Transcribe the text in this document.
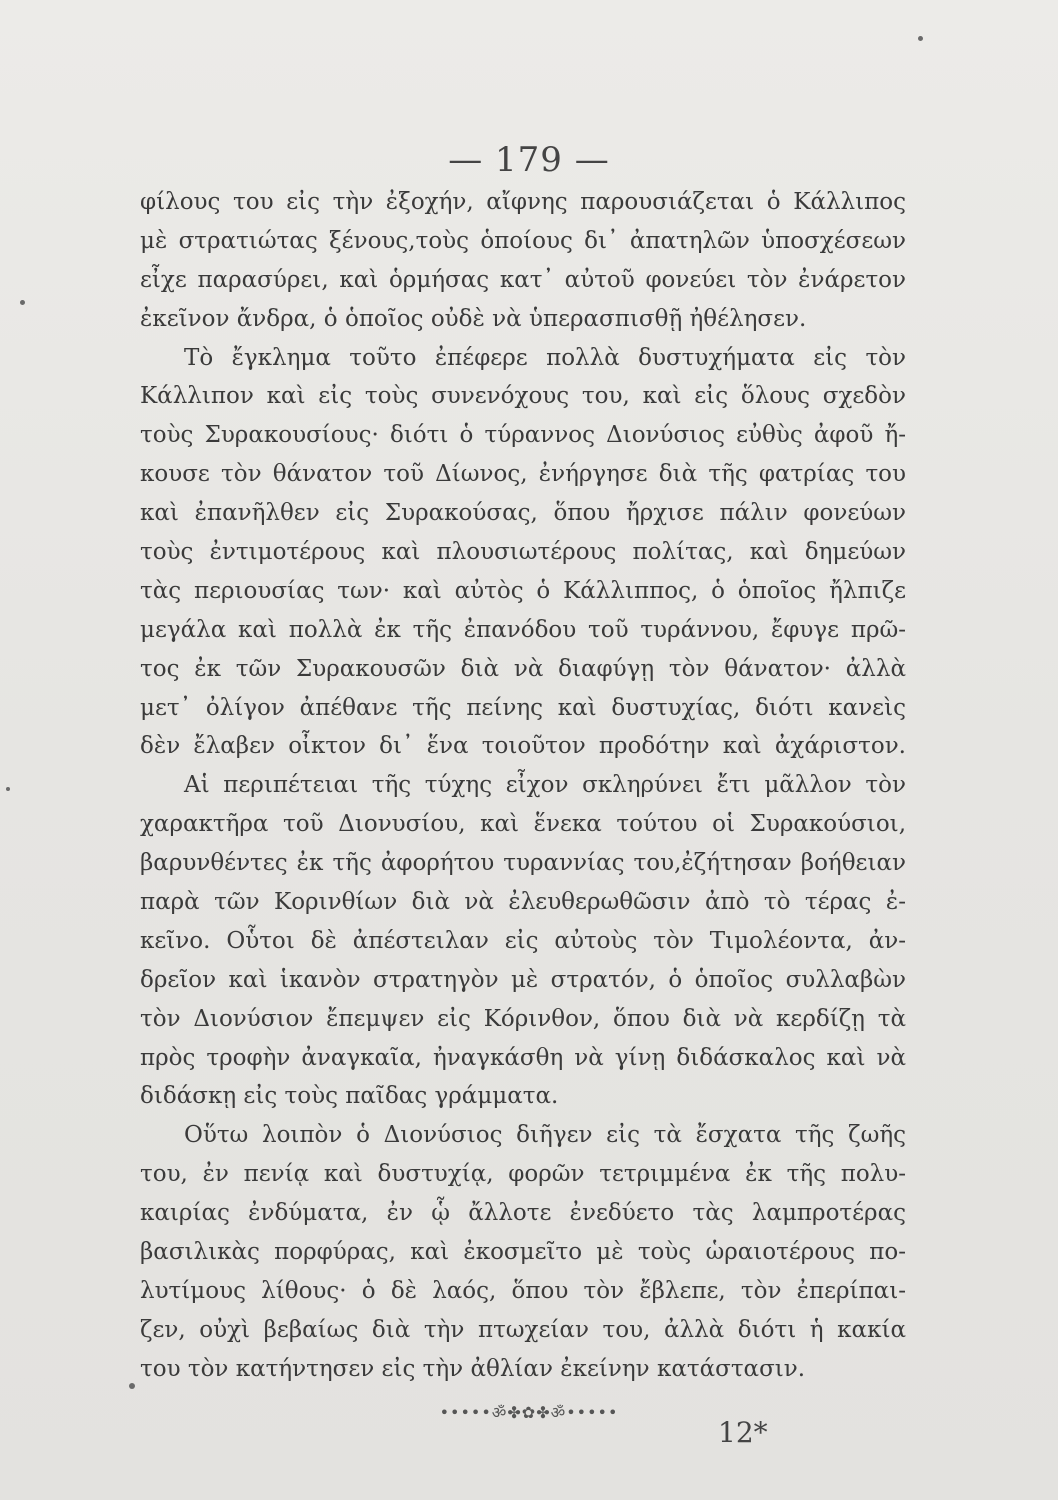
— 179 —
φίλους του εἰς τὴν ἐξοχήν, αἴφνης παρουσιάζεται ὁ Κάλλιπος
μὲ στρατιώτας ξένους,τοὺς ὁποίους δι᾽ ἀπατηλῶν ὑποσχέσεων
εἶχε παρασύρει, καὶ ὁρμήσας κατ᾽ αὐτοῦ φονεύει τὸν ἐνάρετον
ἐκεῖνον ἄνδρα, ὁ ὁποῖος οὐδὲ νὰ ὑπερασπισθῇ ἠθέλησεν.
Τὸ ἔγκλημα τοῦτο ἐπέφερε πολλὰ δυστυχήματα εἰς τὸν
Κάλλιπον καὶ εἰς τοὺς συνενόχους του, καὶ εἰς ὅλους σχεδὸν
τοὺς Συρακουσίους· διότι ὁ τύραννος Διονύσιος εὐθὺς ἀφοῦ ἤ-
κουσε τὸν θάνατον τοῦ Δίωνος, ἐνήργησε διὰ τῆς φατρίας του
καὶ ἐπανῆλθεν εἰς Συρακούσας, ὅπου ἤρχισε πάλιν φονεύων
τοὺς ἐντιμοτέρους καὶ πλουσιωτέρους πολίτας, καὶ δημεύων
τὰς περιουσίας των· καὶ αὐτὸς ὁ Κάλλιππος, ὁ ὁποῖος ἤλπιζε
μεγάλα καὶ πολλὰ ἐκ τῆς ἐπανόδου τοῦ τυράννου, ἔφυγε πρῶ-
τος ἐκ τῶν Συρακουσῶν διὰ νὰ διαφύγῃ τὸν θάνατον· ἀλλὰ
μετ᾽ ὀλίγον ἀπέθανε τῆς πείνης καὶ δυστυχίας, διότι κανεὶς
δὲν ἔλαβεν οἶκτον δι᾽ ἕνα τοιοῦτον προδότην καὶ ἀχάριστον.
Αἱ περιπέτειαι τῆς τύχης εἶχον σκληρύνει ἔτι μᾶλλον τὸν
χαρακτῆρα τοῦ Διονυσίου, καὶ ἕνεκα τούτου οἱ Συρακούσιοι,
βαρυνθέντες ἐκ τῆς ἀφορήτου τυραννίας του,ἐζήτησαν βοήθειαν
παρὰ τῶν Κορινθίων διὰ νὰ ἐλευθερωθῶσιν ἀπὸ τὸ τέρας ἐ-
κεῖνο. Οὗτοι δὲ ἀπέστειλαν εἰς αὐτοὺς τὸν Τιμολέοντα, ἀν-
δρεῖον καὶ ἱκανὸν στρατηγὸν μὲ στρατόν, ὁ ὁποῖος συλλαβὼν
τὸν Διονύσιον ἔπεμψεν εἰς Κόρινθον, ὅπου διὰ νὰ κερδίζῃ τὰ
πρὸς τροφὴν ἀναγκαῖα, ἠναγκάσθη νὰ γίνῃ διδάσκαλος καὶ νὰ
διδάσκῃ εἰς τοὺς παῖδας γράμματα.
Οὕτω λοιπὸν ὁ Διονύσιος διῆγεν εἰς τὰ ἔσχατα τῆς ζωῆς
του, ἐν πενίᾳ καὶ δυστυχίᾳ, φορῶν τετριμμένα ἐκ τῆς πολυ-
καιρίας ἐνδύματα, ἐν ᾧ ἄλλοτε ἐνεδύετο τὰς λαμπροτέρας
βασιλικὰς πορφύρας, καὶ ἐκοσμεῖτο μὲ τοὺς ὡραιοτέρους πο-
λυτίμους λίθους· ὁ δὲ λαός, ὅπου τὸν ἔβλεπε, τὸν ἐπερίπαι-
ζεν, οὐχὶ βεβαίως διὰ τὴν πτωχείαν του, ἀλλὰ διότι ἡ κακία
του τὸν κατήντησεν εἰς τὴν ἀθλίαν ἐκείνην κατάστασιν.
•••••ॐ✤✿✤ॐ•••••
12*
